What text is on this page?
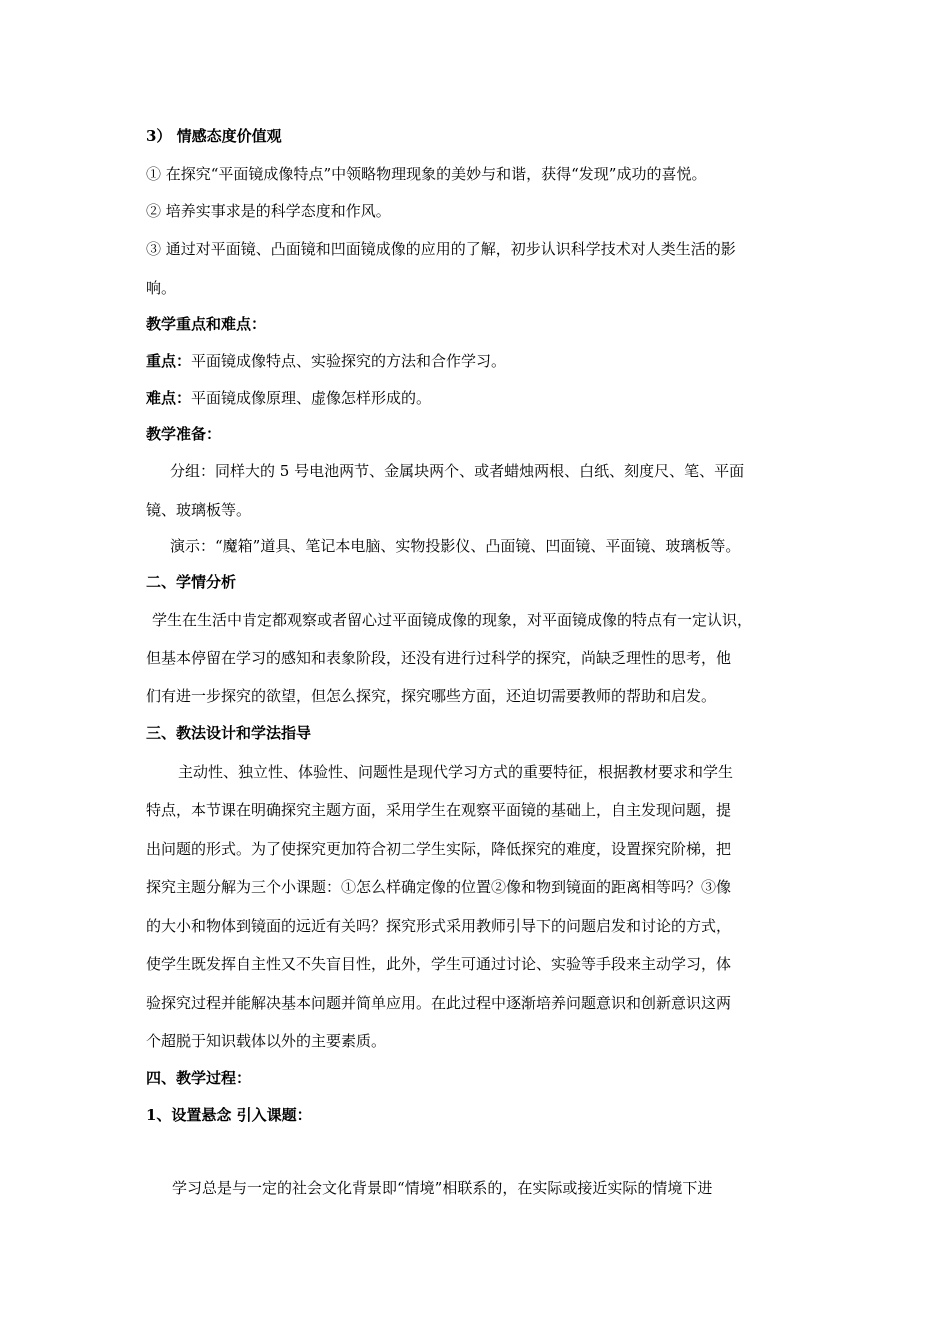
3） 情感态度价值观
① 在探究“平面镜成像特点”中领略物理现象的美妙与和谐，获得“发现”成功的喜悦。
② 培养实事求是的科学态度和作风。
③ 通过对平面镜、凸面镜和凹面镜成像的应用的了解，初步认识科学技术对人类生活的影
响。
教学重点和难点：
重点：平面镜成像特点、实验探究的方法和合作学习。
难点：平面镜成像原理、虚像怎样形成的。
教学准备：
分组：同样大的 5 号电池两节、金属块两个、或者蜡烛两根、白纸、刻度尺、笔、平面
镜、玻璃板等。
演示：“魔箱”道具、笔记本电脑、实物投影仪、凸面镜、凹面镜、平面镜、玻璃板等。
二、学情分析
学生在生活中肯定都观察或者留心过平面镜成像的现象，对平面镜成像的特点有一定认识，
但基本停留在学习的感知和表象阶段，还没有进行过科学的探究，尚缺乏理性的思考，他
们有进一步探究的欲望，但怎么探究，探究哪些方面，还迫切需要教师的帮助和启发。
三、教法设计和学法指导
主动性、独立性、体验性、问题性是现代学习方式的重要特征，根据教材要求和学生
特点，本节课在明确探究主题方面，采用学生在观察平面镜的基础上，自主发现问题，提
出问题的形式。为了使探究更加符合初二学生实际，降低探究的难度，设置探究阶梯，把
探究主题分解为三个小课题：①怎么样确定像的位置②像和物到镜面的距离相等吗？③像
的大小和物体到镜面的远近有关吗？探究形式采用教师引导下的问题启发和讨论的方式，
使学生既发挥自主性又不失盲目性，此外，学生可通过讨论、实验等手段来主动学习，体
验探究过程并能解决基本问题并简单应用。在此过程中逐渐培养问题意识和创新意识这两
个超脱于知识载体以外的主要素质。
四、教学过程：
1、设置悬念 引入课题：
学习总是与一定的社会文化背景即“情境”相联系的，在实际或接近实际的情境下进
